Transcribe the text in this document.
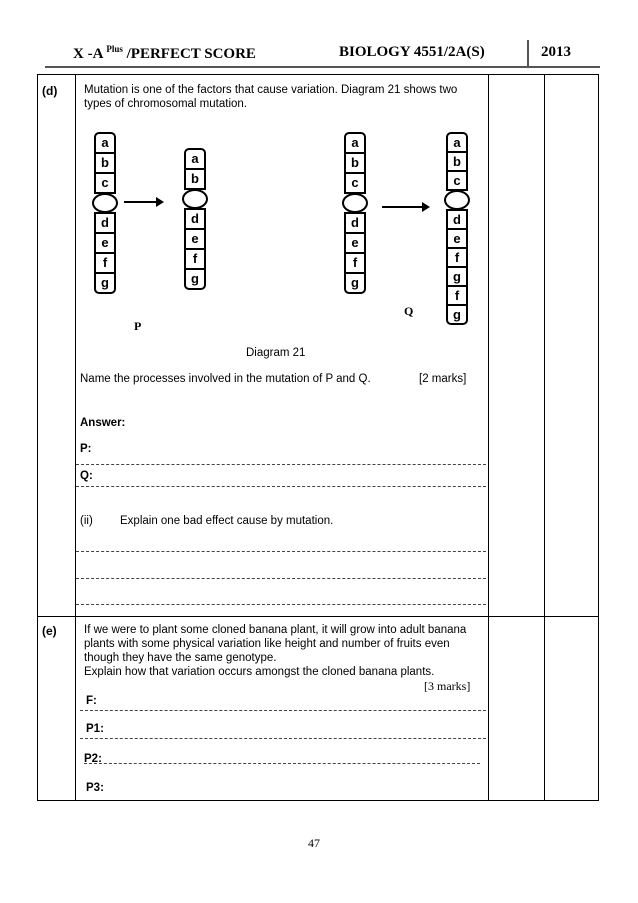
X -A $^{Plus}$ /PERFECT SCORE	BIOLOGY 4551/2A(S)	2013
(d) Mutation is one of the factors that cause variation. Diagram 21 shows two
types of chromosomal mutation.
a
b
c
d
e
f
g
a
b
d
e
f
g
P
a
b
c
d
e
f
g
a
b
c
d
e
f
g
f
g
Q
Diagram 21
Name the processes involved in the mutation of P and Q.	[2 marks]
Answer:
P:
Q:
(ii) Explain one bad effect cause by mutation.
(e) If we were to plant some cloned banana plant, it will grow into adult banana
plants with some physical variation like height and number of fruits even
though they have the same genotype.
Explain how that variation occurs amongst the cloned banana plants.
[3 marks]
F:
P1:
P2:
P3:
47
